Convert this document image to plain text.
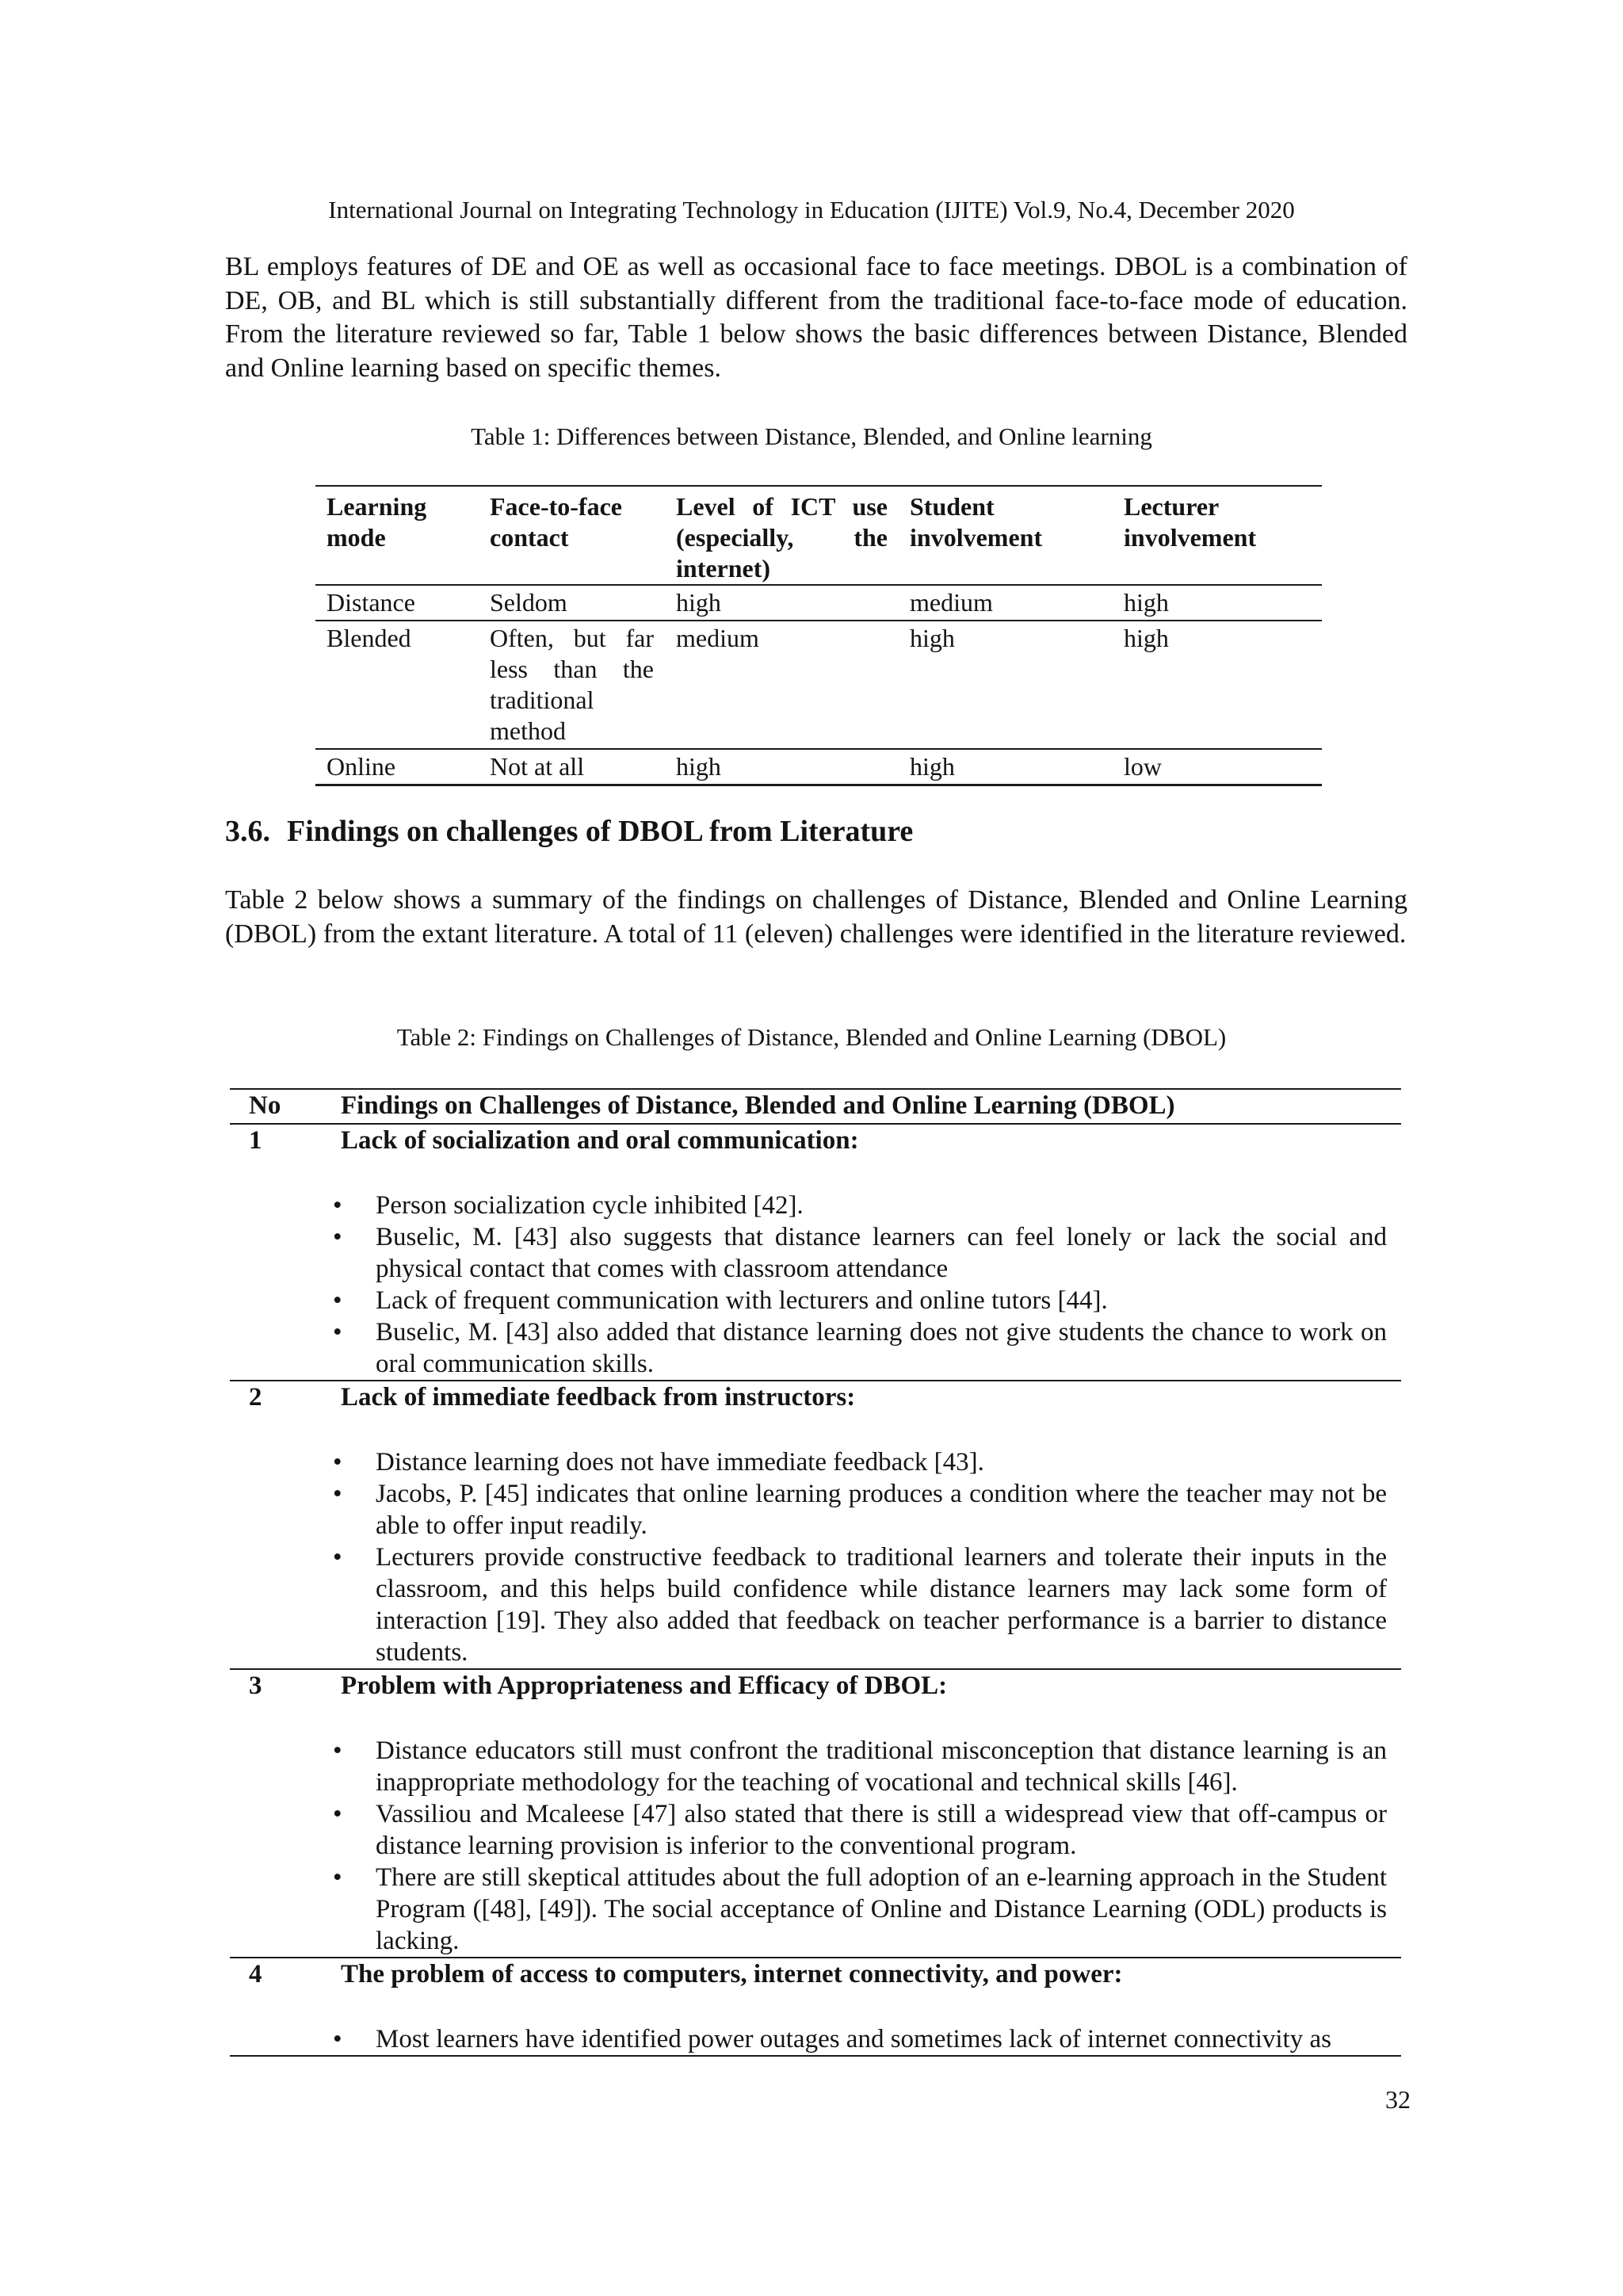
International Journal on Integrating Technology in Education (IJITE) Vol.9, No.4, December 2020

BL employs features of DE and OE as well as occasional face to face meetings. DBOL is a combination of DE, OB, and BL which is still substantially different from the traditional face-to-face mode of education. From the literature reviewed so far, Table 1 below shows the basic differences between Distance, Blended and Online learning based on specific themes.

Table 1: Differences between Distance, Blended, and Online learning
Learning mode	Face-to-face contact	Level of ICT use (especially, the internet)	Student involvement	Lecturer involvement
Distance	Seldom	high	medium	high
Blended	Often, but far less than the traditional method	medium	high	high
Online	Not at all	high	high	low
3.6. Findings on challenges of DBOL from Literature

Table 2 below shows a summary of the findings on challenges of Distance, Blended and Online Learning (DBOL) from the extant literature. A total of 11 (eleven) challenges were identified in the literature reviewed.

Table 2: Findings on Challenges of Distance, Blended and Online Learning (DBOL)
No Findings on Challenges of Distance, Blended and Online Learning (DBOL)
1	Lack of socialization and oral communication:
• Person socialization cycle inhibited [42].
• Buselic, M. [43] also suggests that distance learners can feel lonely or lack the social and physical contact that comes with classroom attendance
• Lack of frequent communication with lecturers and online tutors [44].
• Buselic, M. [43] also added that distance learning does not give students the chance to work on oral communication skills.
2	Lack of immediate feedback from instructors:
• Distance learning does not have immediate feedback [43].
• Jacobs, P. [45] indicates that online learning produces a condition where the teacher may not be able to offer input readily.
• Lecturers provide constructive feedback to traditional learners and tolerate their inputs in the classroom, and this helps build confidence while distance learners may lack some form of interaction [19]. They also added that feedback on teacher performance is a barrier to distance students.
3	Problem with Appropriateness and Efficacy of DBOL:
• Distance educators still must confront the traditional misconception that distance learning is an inappropriate methodology for the teaching of vocational and technical skills [46].
• Vassiliou and Mcaleese [47] also stated that there is still a widespread view that off-campus or distance learning provision is inferior to the conventional program.
• There are still skeptical attitudes about the full adoption of an e-learning approach in the Student Program ([48], [49]). The social acceptance of Online and Distance Learning (ODL) products is lacking.
4	The problem of access to computers, internet connectivity, and power:
• Most learners have identified power outages and sometimes lack of internet connectivity as
32
